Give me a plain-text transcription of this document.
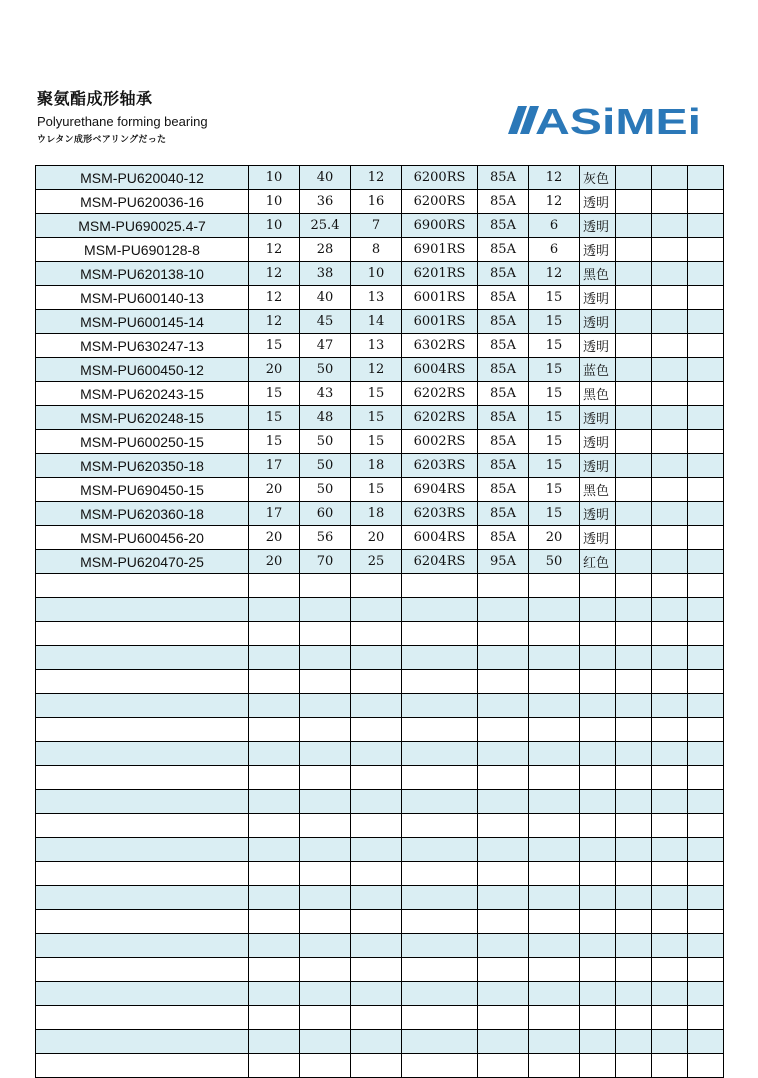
聚氨酯成形轴承
Polyurethane forming bearing
ウレタン成形ベアリングだった	ASiMEi
MSM-PU620040-12	10	40	12	6200RS	85A	12	灰色			
MSM-PU620036-16	10	36	16	6200RS	85A	12	透明			
MSM-PU690025.4-7	10	25.4	7	6900RS	85A	6	透明			
MSM-PU690128-8	12	28	8	6901RS	85A	6	透明			
MSM-PU620138-10	12	38	10	6201RS	85A	12	黑色			
MSM-PU600140-13	12	40	13	6001RS	85A	15	透明			
MSM-PU600145-14	12	45	14	6001RS	85A	15	透明			
MSM-PU630247-13	15	47	13	6302RS	85A	15	透明			
MSM-PU600450-12	20	50	12	6004RS	85A	15	蓝色			
MSM-PU620243-15	15	43	15	6202RS	85A	15	黑色			
MSM-PU620248-15	15	48	15	6202RS	85A	15	透明			
MSM-PU600250-15	15	50	15	6002RS	85A	15	透明			
MSM-PU620350-18	17	50	18	6203RS	85A	15	透明			
MSM-PU690450-15	20	50	15	6904RS	85A	15	黑色			
MSM-PU620360-18	17	60	18	6203RS	85A	15	透明			
MSM-PU600456-20	20	56	20	6004RS	85A	20	透明			
MSM-PU620470-25	20	70	25	6204RS	95A	50	红色			
